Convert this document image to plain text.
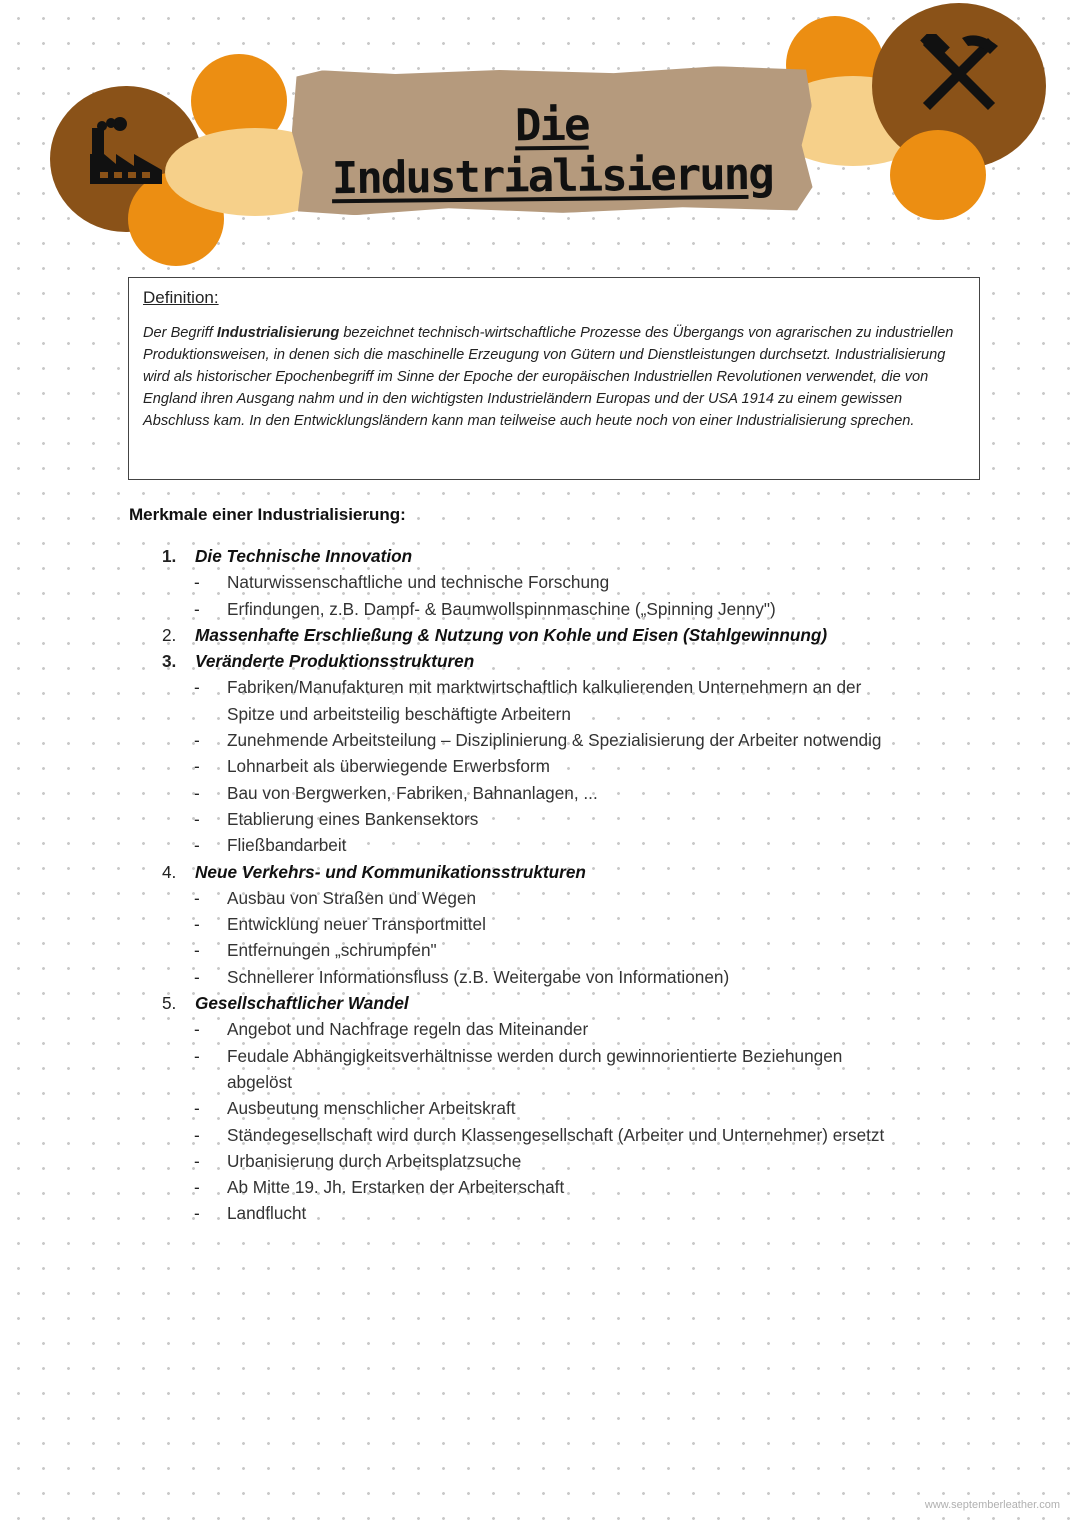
Die Industrialisierung

Definition:

Der Begriff Industrialisierung bezeichnet technisch-wirtschaftliche Prozesse des Übergangs von agrarischen zu industriellen Produktionsweisen, in denen sich die maschinelle Erzeugung von Gütern und Dienstleistungen durchsetzt. Industrialisierung wird als historischer Epochenbegriff im Sinne der Epoche der europäischen Industriellen Revolutionen verwendet, die von England ihren Ausgang nahm und in den wichtigsten Industrieländern Europas und der USA 1914 zu einem gewissen Abschluss kam. In den Entwicklungsländern kann man teilweise auch heute noch von einer Industrialisierung sprechen.

Merkmale einer Industrialisierung:
1.	Die Technische Innovation
- Naturwissenschaftliche und technische Forschung
- Erfindungen, z.B. Dampf- & Baumwollspinnmaschine („Spinning Jenny")
2.	Massenhafte Erschließung & Nutzung von Kohle und Eisen (Stahlgewinnung)
3.	Veränderte Produktionsstrukturen
- Fabriken/Manufakturen mit marktwirtschaftlich kalkulierenden Unternehmern an der
Spitze und arbeitsteilig beschäftigte Arbeitern
- Zunehmende Arbeitsteilung – Disziplinierung & Spezialisierung der Arbeiter notwendig
- Lohnarbeit als überwiegende Erwerbsform
- Bau von Bergwerken, Fabriken, Bahnanlagen, ...
- Etablierung eines Bankensektors
- Fließbandarbeit
4.	Neue Verkehrs- und Kommunikationsstrukturen
- Ausbau von Straßen und Wegen
- Entwicklung neuer Transportmittel
- Entfernungen „schrumpfen"
- Schnellerer Informationsfluss (z.B. Weitergabe von Informationen)
5.	Gesellschaftlicher Wandel
- Angebot und Nachfrage regeln das Miteinander
- Feudale Abhängigkeitsverhältnisse werden durch gewinnorientierte Beziehungen
abgelöst
- Ausbeutung menschlicher Arbeitskraft
- Ständegesellschaft wird durch Klassengesellschaft (Arbeiter und Unternehmer) ersetzt
- Urbanisierung durch Arbeitsplatzsuche
- Ab Mitte 19. Jh. Erstarken der Arbeiterschaft
- Landflucht
www.septemberleather.com
